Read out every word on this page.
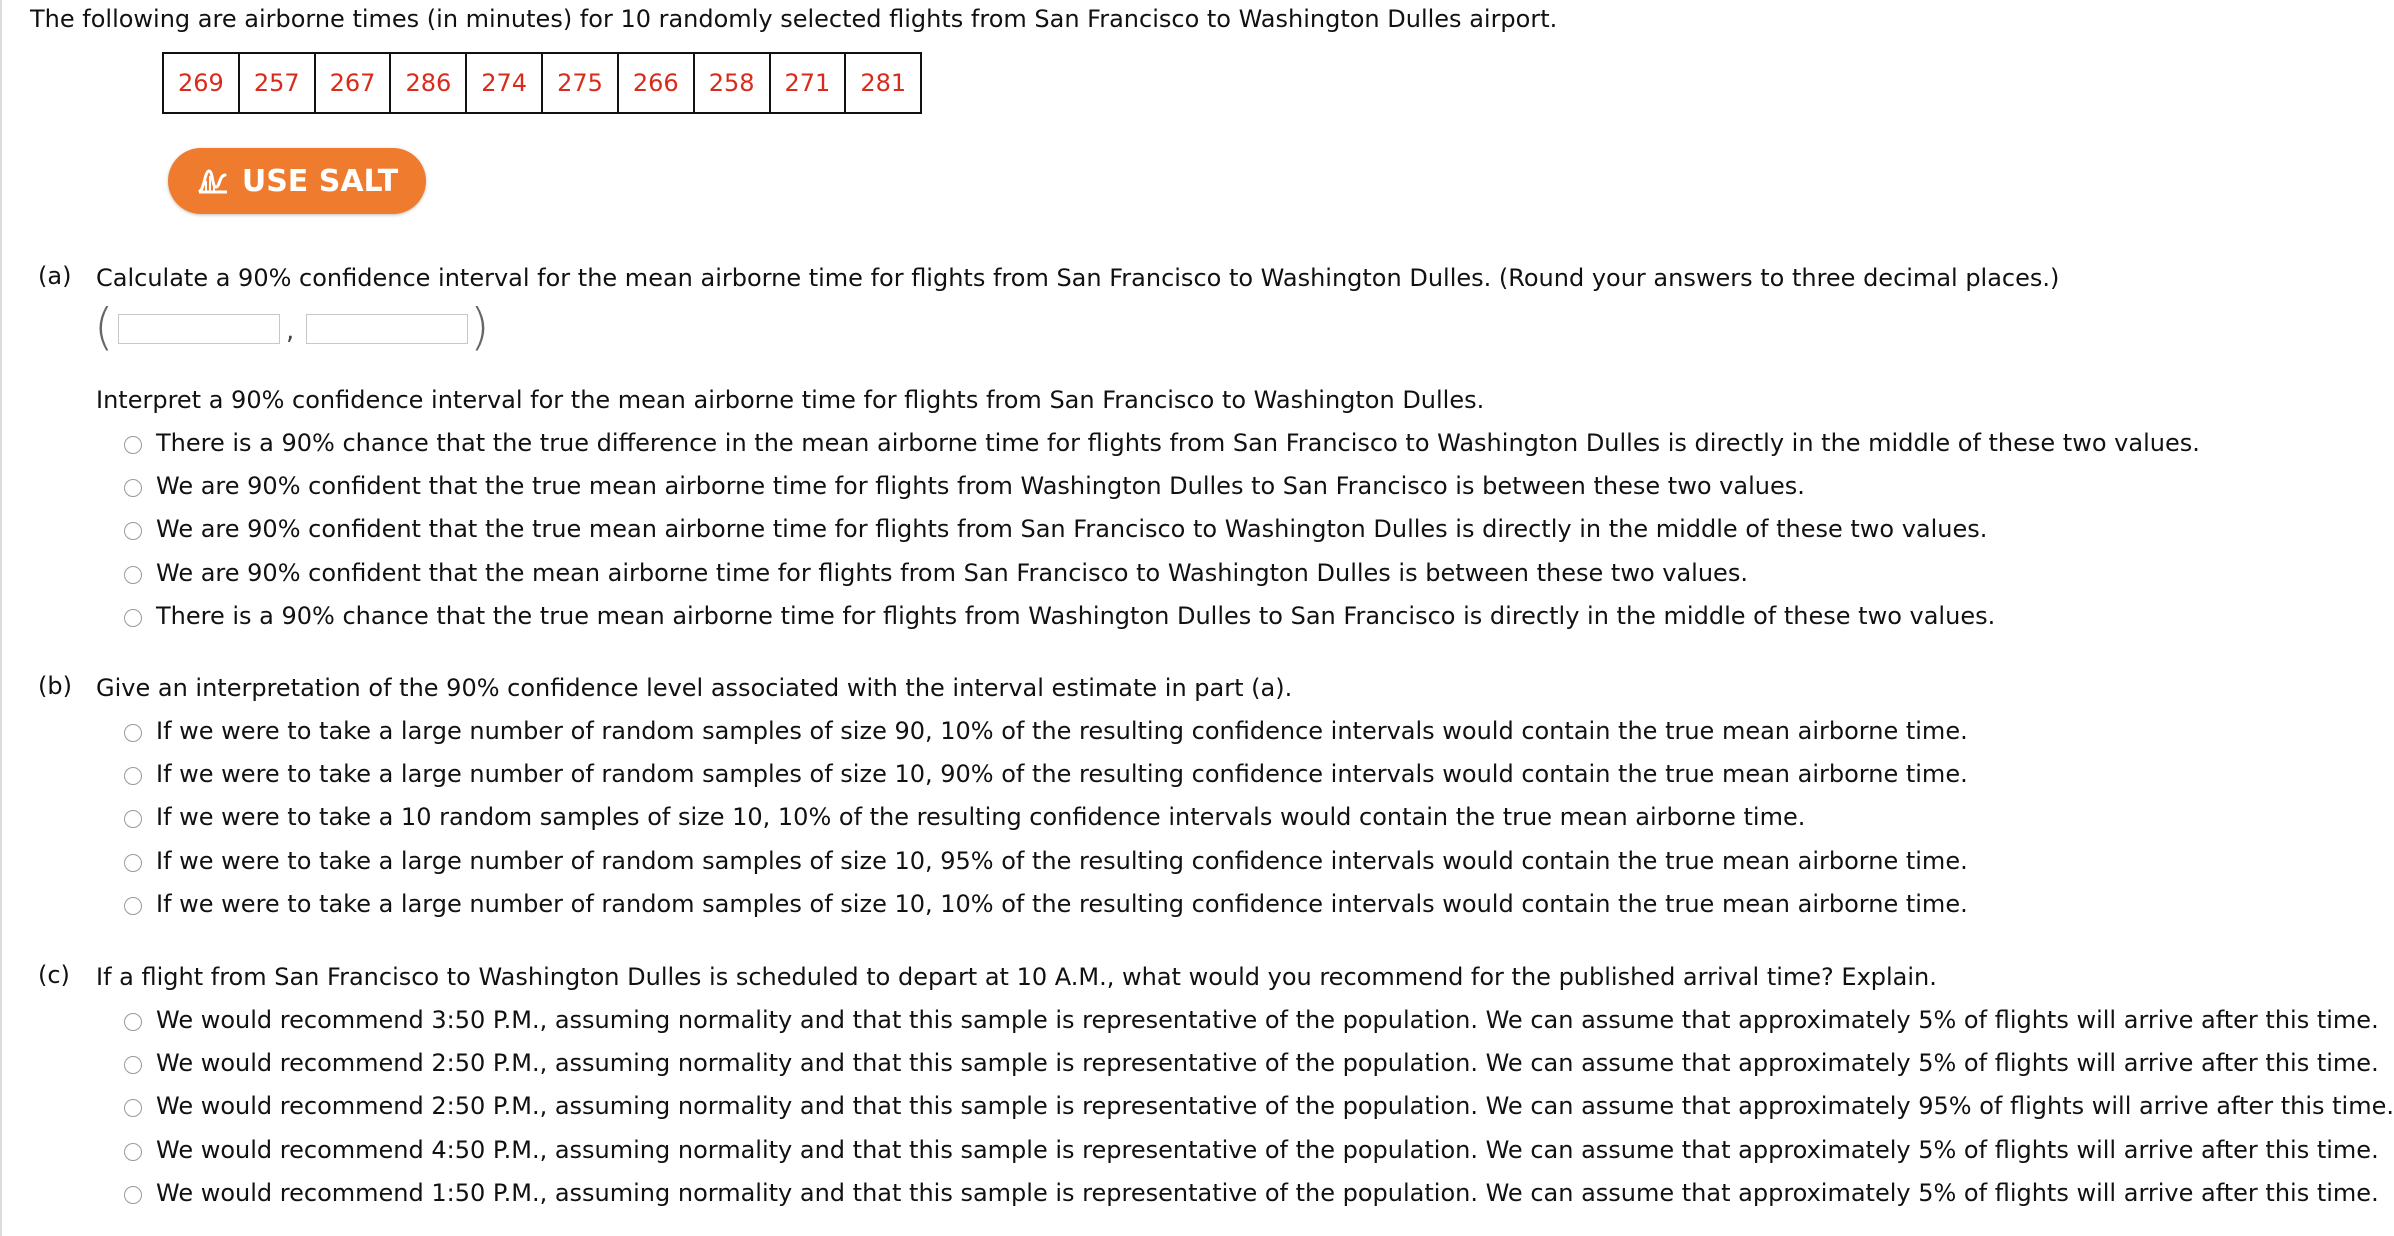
The following are airborne times (in minutes) for 10 randomly selected flights from San Francisco to Washington Dulles airport.
269	257	267	286	274	275	266	258	271	281
USE SALT
(a) Calculate a 90% confidence interval for the mean airborne time for flights from San Francisco to Washington Dulles. (Round your answers to three decimal places.)
(	,	)
Interpret a 90% confidence interval for the mean airborne time for flights from San Francisco to Washington Dulles.
There is a 90% chance that the true difference in the mean airborne time for flights from San Francisco to Washington Dulles is directly in the middle of these two values.
We are 90% confident that the true mean airborne time for flights from Washington Dulles to San Francisco is between these two values.
We are 90% confident that the true mean airborne time for flights from San Francisco to Washington Dulles is directly in the middle of these two values.
We are 90% confident that the mean airborne time for flights from San Francisco to Washington Dulles is between these two values.
There is a 90% chance that the true mean airborne time for flights from Washington Dulles to San Francisco is directly in the middle of these two values.
(b) Give an interpretation of the 90% confidence level associated with the interval estimate in part (a).
If we were to take a large number of random samples of size 90, 10% of the resulting confidence intervals would contain the true mean airborne time.
If we were to take a large number of random samples of size 10, 90% of the resulting confidence intervals would contain the true mean airborne time.
If we were to take a 10 random samples of size 10, 10% of the resulting confidence intervals would contain the true mean airborne time.
If we were to take a large number of random samples of size 10, 95% of the resulting confidence intervals would contain the true mean airborne time.
If we were to take a large number of random samples of size 10, 10% of the resulting confidence intervals would contain the true mean airborne time.
(c) If a flight from San Francisco to Washington Dulles is scheduled to depart at 10 A.M., what would you recommend for the published arrival time? Explain.
We would recommend 3:50 P.M., assuming normality and that this sample is representative of the population. We can assume that approximately 5% of flights will arrive after this time.
We would recommend 2:50 P.M., assuming normality and that this sample is representative of the population. We can assume that approximately 5% of flights will arrive after this time.
We would recommend 2:50 P.M., assuming normality and that this sample is representative of the population. We can assume that approximately 95% of flights will arrive after this time.
We would recommend 4:50 P.M., assuming normality and that this sample is representative of the population. We can assume that approximately 5% of flights will arrive after this time.
We would recommend 1:50 P.M., assuming normality and that this sample is representative of the population. We can assume that approximately 5% of flights will arrive after this time.
